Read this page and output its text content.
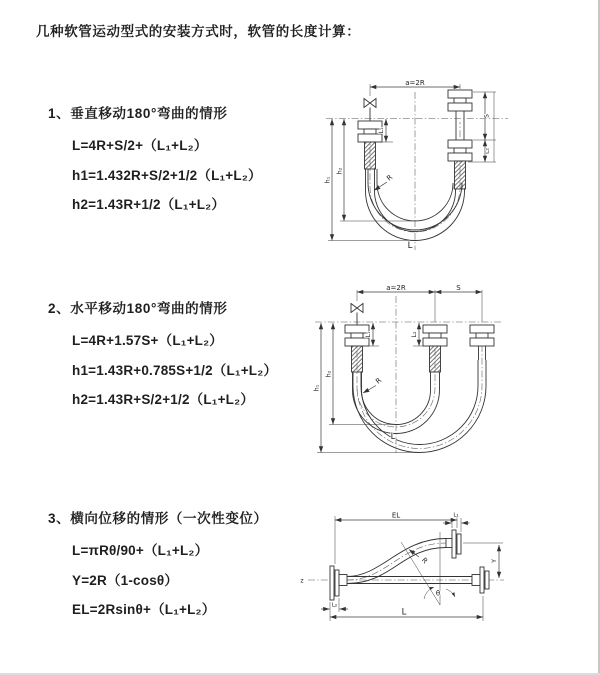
几种软管运动型式的安装方式时，软管的长度计算：
1、垂直移动180°弯曲的情形
L=4R+S/2+（L₁+L₂）
h1=1.432R+S/2+1/2（L₁+L₂）
h2=1.43R+1/2（L₁+L₂）
2、水平移动180°弯曲的情形
L=4R+1.57S+（L₁+L₂）
h1=1.43R+0.785S+1/2（L₁+L₂）
h2=1.43R+S/2+1/2（L₁+L₂）
3、横向位移的情形（一次性变位）
L=πRθ/90+（L₁+L₂）
Y=2R（1-cosθ）
EL=2Rsinθ+（L₁+L₂）
a=2R
S
L₂
h₁
h₂
L₁
R
L
a=2R	S
h₁
h₂
L₁	L₂
R
L
EL	L₁
Y
R
θ
L
L₂
z
